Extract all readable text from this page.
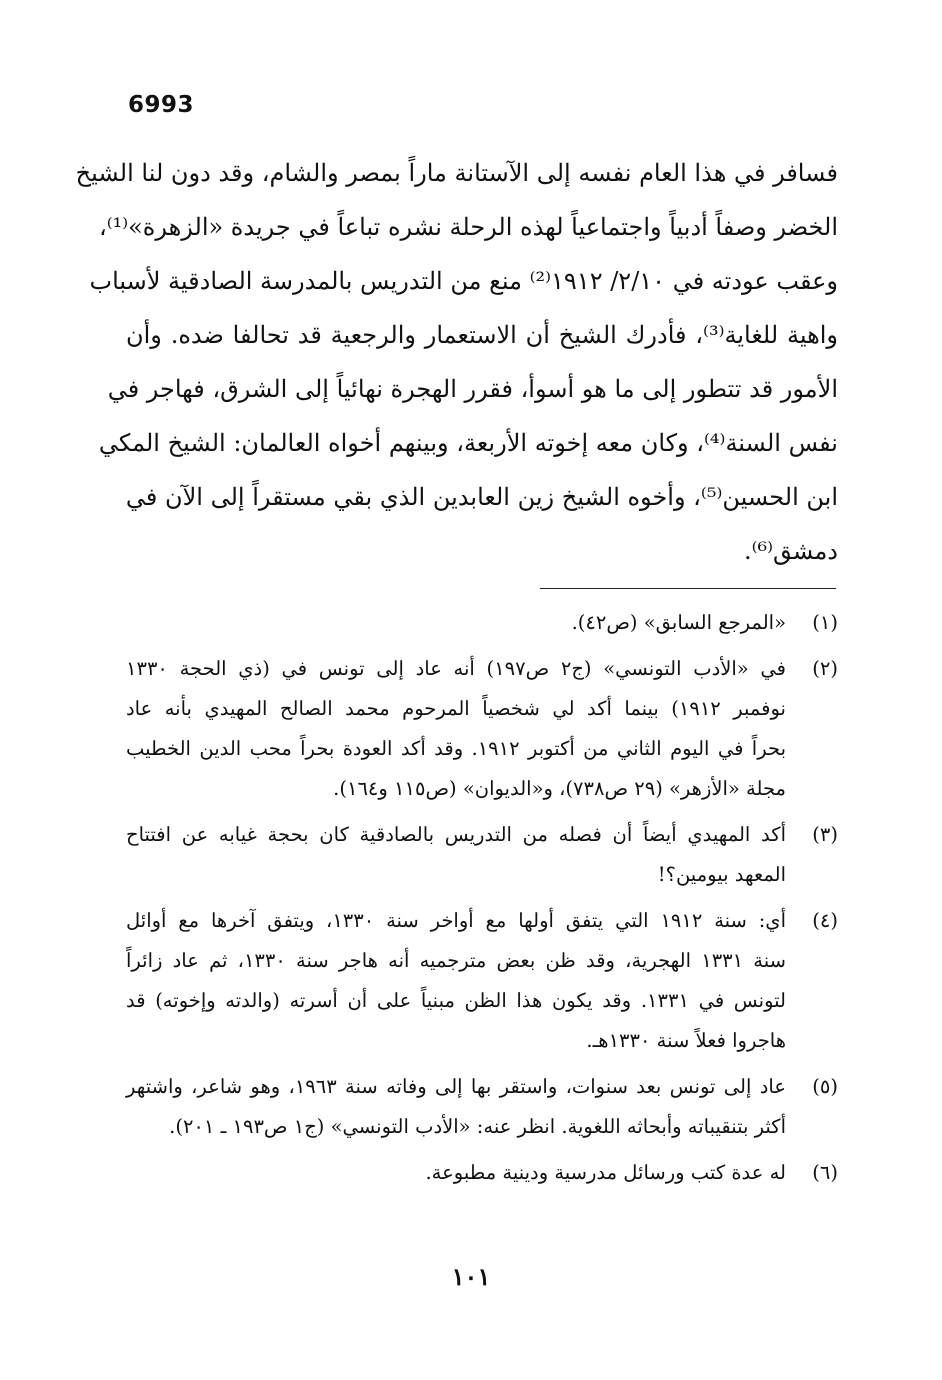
6993
فسافر في هذا العام نفسه إلى الآستانة ماراً بمصر والشام، وقد دون لنا الشيخ
الخضر وصفاً أدبياً واجتماعياً لهذه الرحلة نشره تباعاً في جريدة «الزهرة»⁽¹⁾،
وعقب عودته في ٢/١٠/ ١٩١٢⁽²⁾ منع من التدريس بالمدرسة الصادقية لأسباب
واهية للغاية⁽³⁾، فأدرك الشيخ أن الاستعمار والرجعية قد تحالفا ضده. وأن
الأمور قد تتطور إلى ما هو أسوأ، فقرر الهجرة نهائياً إلى الشرق، فهاجر في
نفس السنة⁽⁴⁾، وكان معه إخوته الأربعة، وبينهم أخواه العالمان: الشيخ المكي
ابن الحسين⁽⁵⁾، وأخوه الشيخ زين العابدين الذي بقي مستقراً إلى الآن في
دمشق⁽⁶⁾.
(١)
«المرجع السابق» (ص٤٢).
(٢)
في «الأدب التونسي» (ج٢ ص١٩٧) أنه عاد إلى تونس في (ذي الحجة ١٣٣٠
نوفمبر ١٩١٢) بينما أكد لي شخصياً المرحوم محمد الصالح المهيدي بأنه عاد
بحراً في اليوم الثاني من أكتوبر ١٩١٢. وقد أكد العودة بحراً محب الدين الخطيب
مجلة «الأزهر» (٢٩ ص٧٣٨)، و«الديوان» (ص١١٥ و١٦٤).
(٣)
أكد المهيدي أيضاً أن فصله من التدريس بالصادقية كان بحجة غيابه عن افتتاح
المعهد بيومين؟!
(٤)
أي: سنة ١٩١٢ التي يتفق أولها مع أواخر سنة ١٣٣٠، ويتفق آخرها مع أوائل
سنة ١٣٣١ الهجرية، وقد ظن بعض مترجميه أنه هاجر سنة ١٣٣٠، ثم عاد زائراً
لتونس في ١٣٣١. وقد يكون هذا الظن مبنياً على أن أسرته (والدته وإخوته) قد
هاجروا فعلاً سنة ١٣٣٠هـ.
(٥)
عاد إلى تونس بعد سنوات، واستقر بها إلى وفاته سنة ١٩٦٣، وهو شاعر، واشتهر
أكثر بتنقيباته وأبحاثه اللغوية. انظر عنه: «الأدب التونسي» (ج١ ص١٩٣ ـ ٢٠١).
(٦)
له عدة كتب ورسائل مدرسية ودينية مطبوعة.
١٠١
